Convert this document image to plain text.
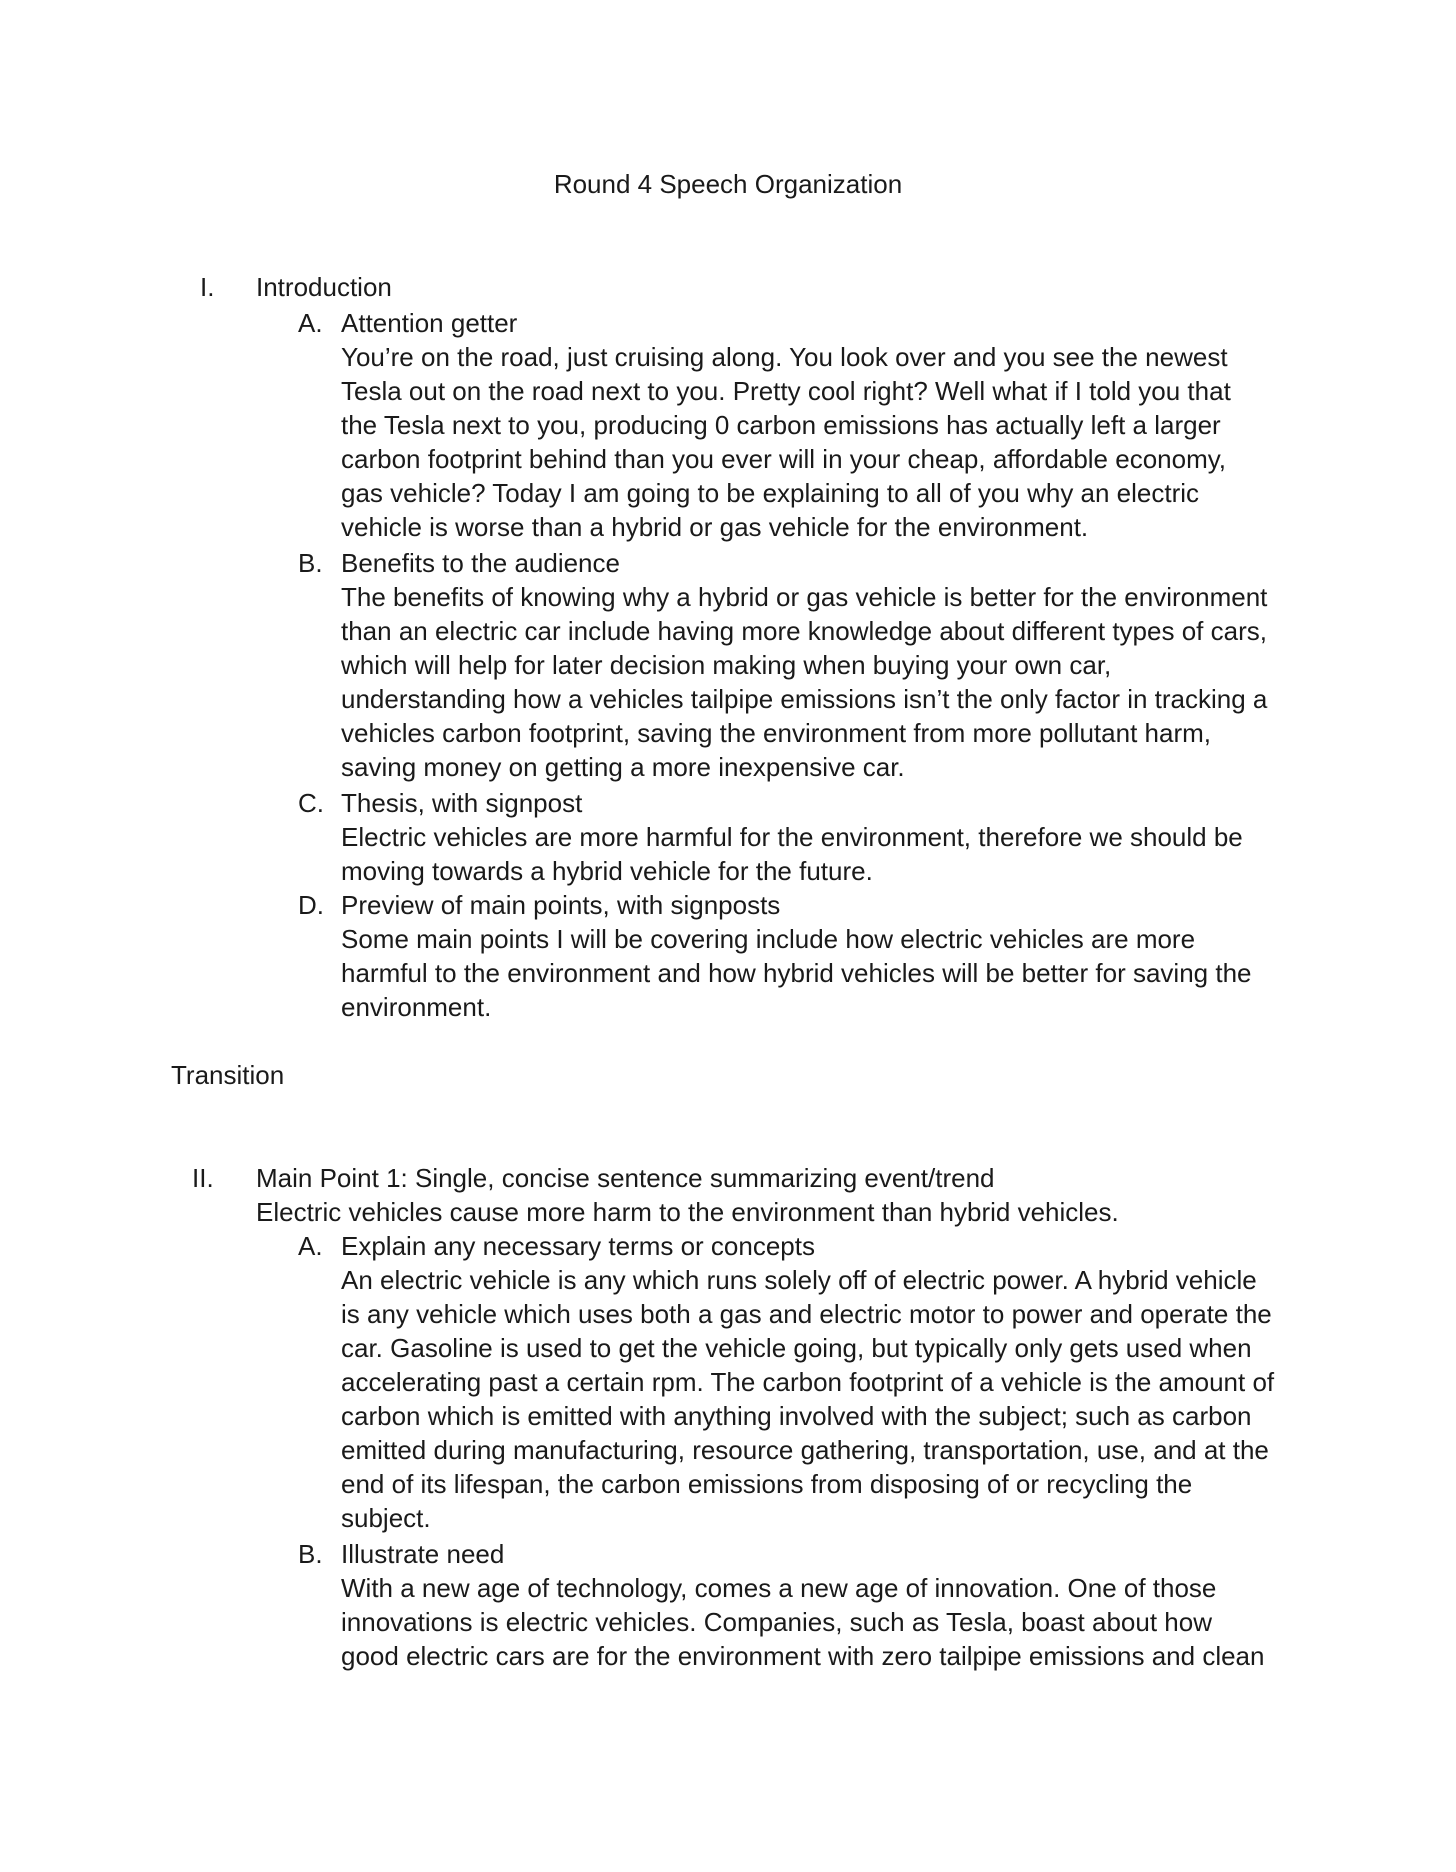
Round 4 Speech Organization
I. Introduction
A. Attention getter

You’re on the road, just cruising along. You look over and you see the newest

Tesla out on the road next to you. Pretty cool right? Well what if I told you that

the Tesla next to you, producing 0 carbon emissions has actually left a larger

carbon footprint behind than you ever will in your cheap, affordable economy,

gas vehicle? Today I am going to be explaining to all of you why an electric

vehicle is worse than a hybrid or gas vehicle for the environment.

B. Benefits to the audience

The benefits of knowing why a hybrid or gas vehicle is better for the environment

than an electric car include having more knowledge about different types of cars,

which will help for later decision making when buying your own car,

understanding how a vehicles tailpipe emissions isn’t the only factor in tracking a

vehicles carbon footprint, saving the environment from more pollutant harm,

saving money on getting a more inexpensive car.

C. Thesis, with signpost

Electric vehicles are more harmful for the environment, therefore we should be

moving towards a hybrid vehicle for the future.

D. Preview of main points, with signposts

Some main points I will be covering include how electric vehicles are more

harmful to the environment and how hybrid vehicles will be better for saving the

environment.

Transition
II. Main Point 1: Single, concise sentence summarizing event/trend
Electric vehicles cause more harm to the environment than hybrid vehicles.
A. Explain any necessary terms or concepts

An electric vehicle is any which runs solely off of electric power. A hybrid vehicle

is any vehicle which uses both a gas and electric motor to power and operate the

car. Gasoline is used to get the vehicle going, but typically only gets used when

accelerating past a certain rpm. The carbon footprint of a vehicle is the amount of

carbon which is emitted with anything involved with the subject; such as carbon

emitted during manufacturing, resource gathering, transportation, use, and at the

end of its lifespan, the carbon emissions from disposing of or recycling the

subject.

B. Illustrate need

With a new age of technology, comes a new age of innovation. One of those

innovations is electric vehicles. Companies, such as Tesla, boast about how

good electric cars are for the environment with zero tailpipe emissions and clean
